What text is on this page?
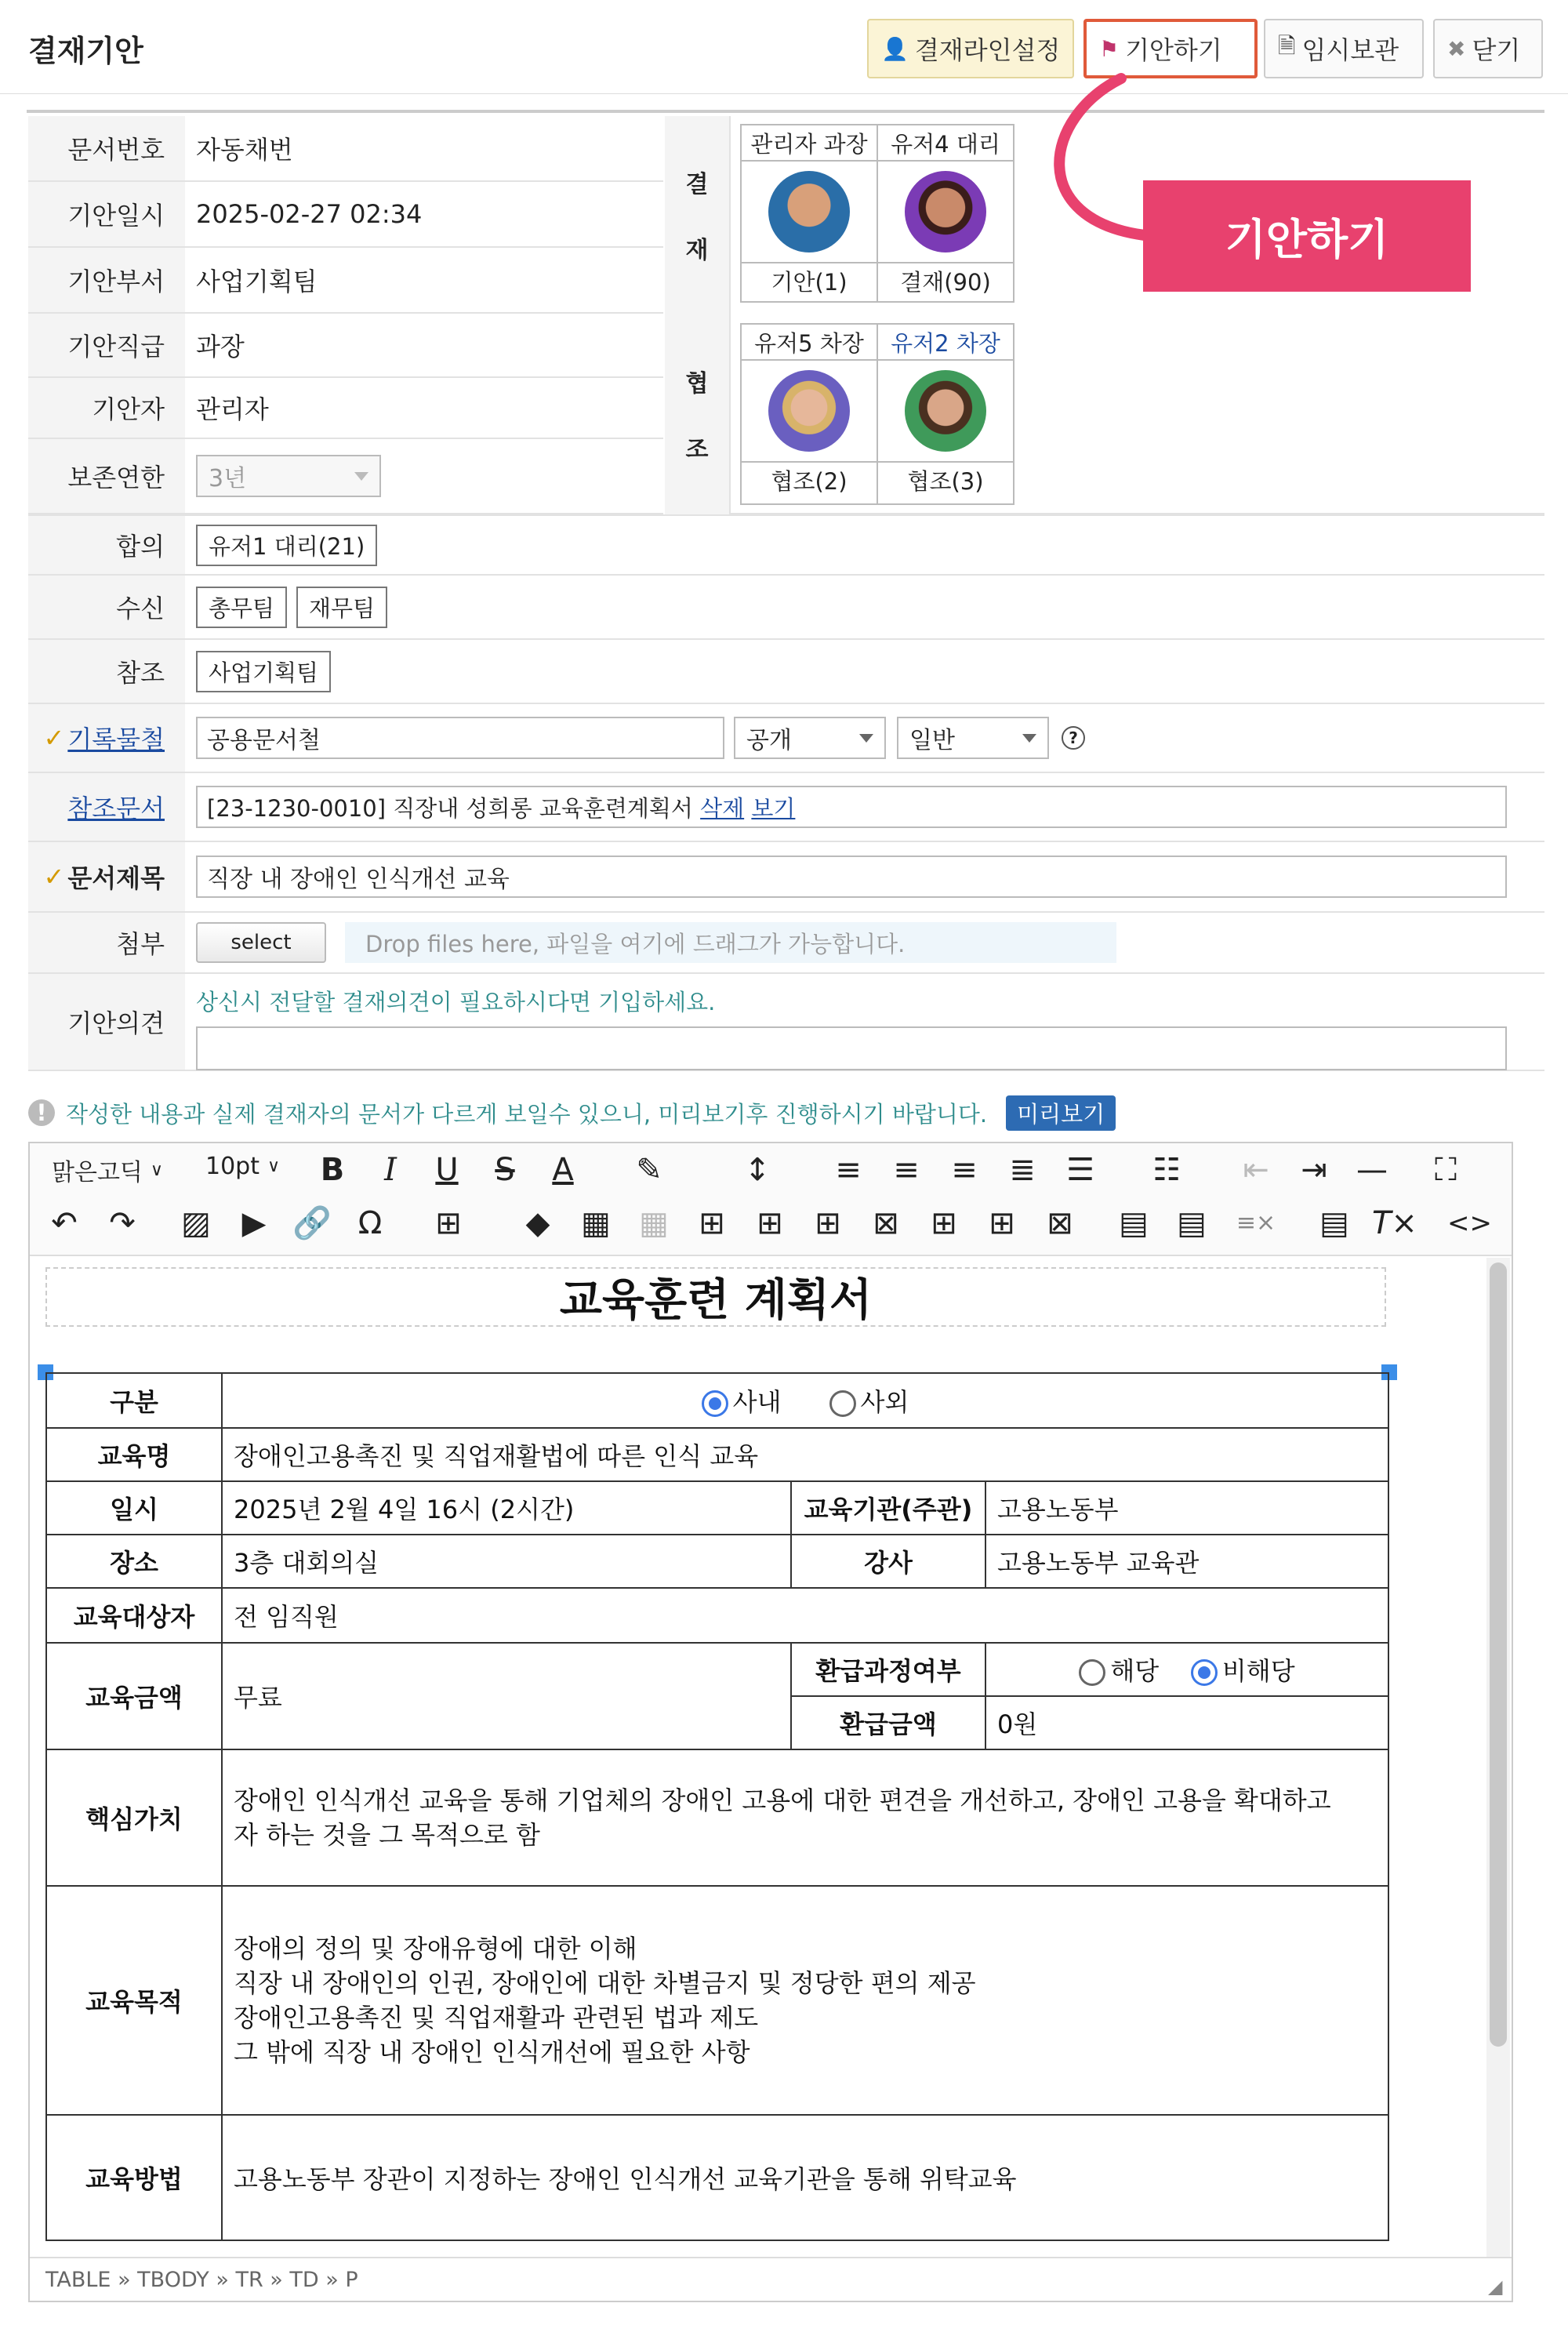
결재기안	👤 결재라인설정 ⚑ 기안하기	🗎 임시보관 ✖ 닫기
기안하기
문서번호	자동채번
기안일시	2025-02-27 02:34
기안부서	사업기획팀
기안직급	과장
기안자	관리자
보존연한	3년
결
재
협
조
관리자 과장
기안(1)
유저4 대리
결재(90)
유저5 차장
협조(2)
유저2 차장
협조(3)
합의	유저1 대리(21)
수신	총무팀	재무팀
참조	사업기획팀
✓ 기록물철	공용문서철	공개	일반	?
참조문서 [23-1230-0010] 직장내 성희롱 교육훈련계획서
삭제
보기
✓ 문서제목	직장 내 장애인 인식개선 교육
첨부	select	Drop files here, 파일을 여기에 드래그가 가능합니다.
기안의견
상신시 전달할 결재의견이 필요하시다면 기입하세요.
! 작성한 내용과 실제 결재자의 문서가 다르게 보일수 있으니, 미리보기후 진행하시기 바랍니다.	미리보기
맑은고딕 ∨ 10pt ∨ B	I	U	S	A	✎	↕ ≡ ≡ ≡ ≣ ☰ ☷ ⇤ ⇥ —	⛶
↶ ↷ ▨ ▶ 🔗 Ω ⊞ ◆ ▦ ▦ ⊞ ⊞ ⊞ ⊠ ⊞ ⊞ ⊠ ▤ ▤ ≡× ▤ T× <>
교육훈련 계획서
구분	사내 사외		
교육명	장애인고용촉진 및 직업재활법에 따른 인식 교육		
일시	2025년 2월 4일 16시 (2시간)	교육기관(주관)	고용노동부
장소	3층 대회의실	강사	고용노동부 교육관
교육대상자	전 임직원		
교육금액	무료	환급과정여부	해당 비해당
		환급금액	0원
핵심가치	장애인 인식개선 교육을 통해 기업체의 장애인 고용에 대한 편견을 개선하고, 장애인 고용을 확대하고
자 하는 것을 그 목적으로 함		

교육목적	장애의 정의 및 장애유형에 대한 이해
직장 내 장애인의 인권, 장애인에 대한 차별금지 및 정당한 편의 제공
장애인고용촉진 및 직업재활과 관련된 법과 제도
그 밖에 직장 내 장애인 인식개선에 필요한 사항		

교육방법	고용노동부 장관이 지정하는 장애인 인식개선 교육기관을 통해 위탁교육		
TABLE » TBODY » TR » TD » P	◢
